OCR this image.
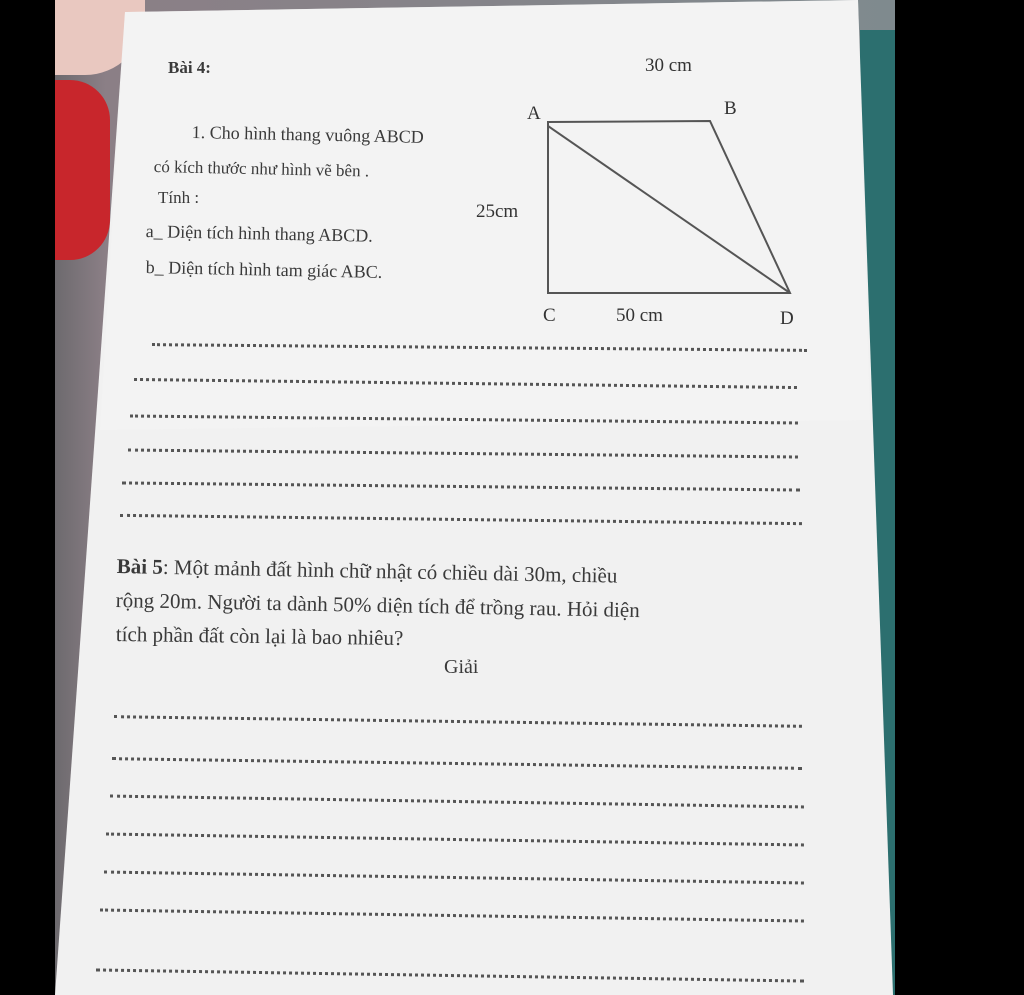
Bài 4:
1. Cho hình thang vuông ABCD
có kích thước như hình vẽ bên .
Tính :
a_ Diện tích hình thang ABCD.
b_ Diện tích hình tam giác ABC.
30 cm
25cm
50 cm
A	B
C	D
Bài 5: Một mảnh đất hình chữ nhật có chiều dài 30m, chiều
rộng 20m. Người ta dành 50% diện tích để trồng rau. Hỏi diện
tích phần đất còn lại là bao nhiêu?
Giải
